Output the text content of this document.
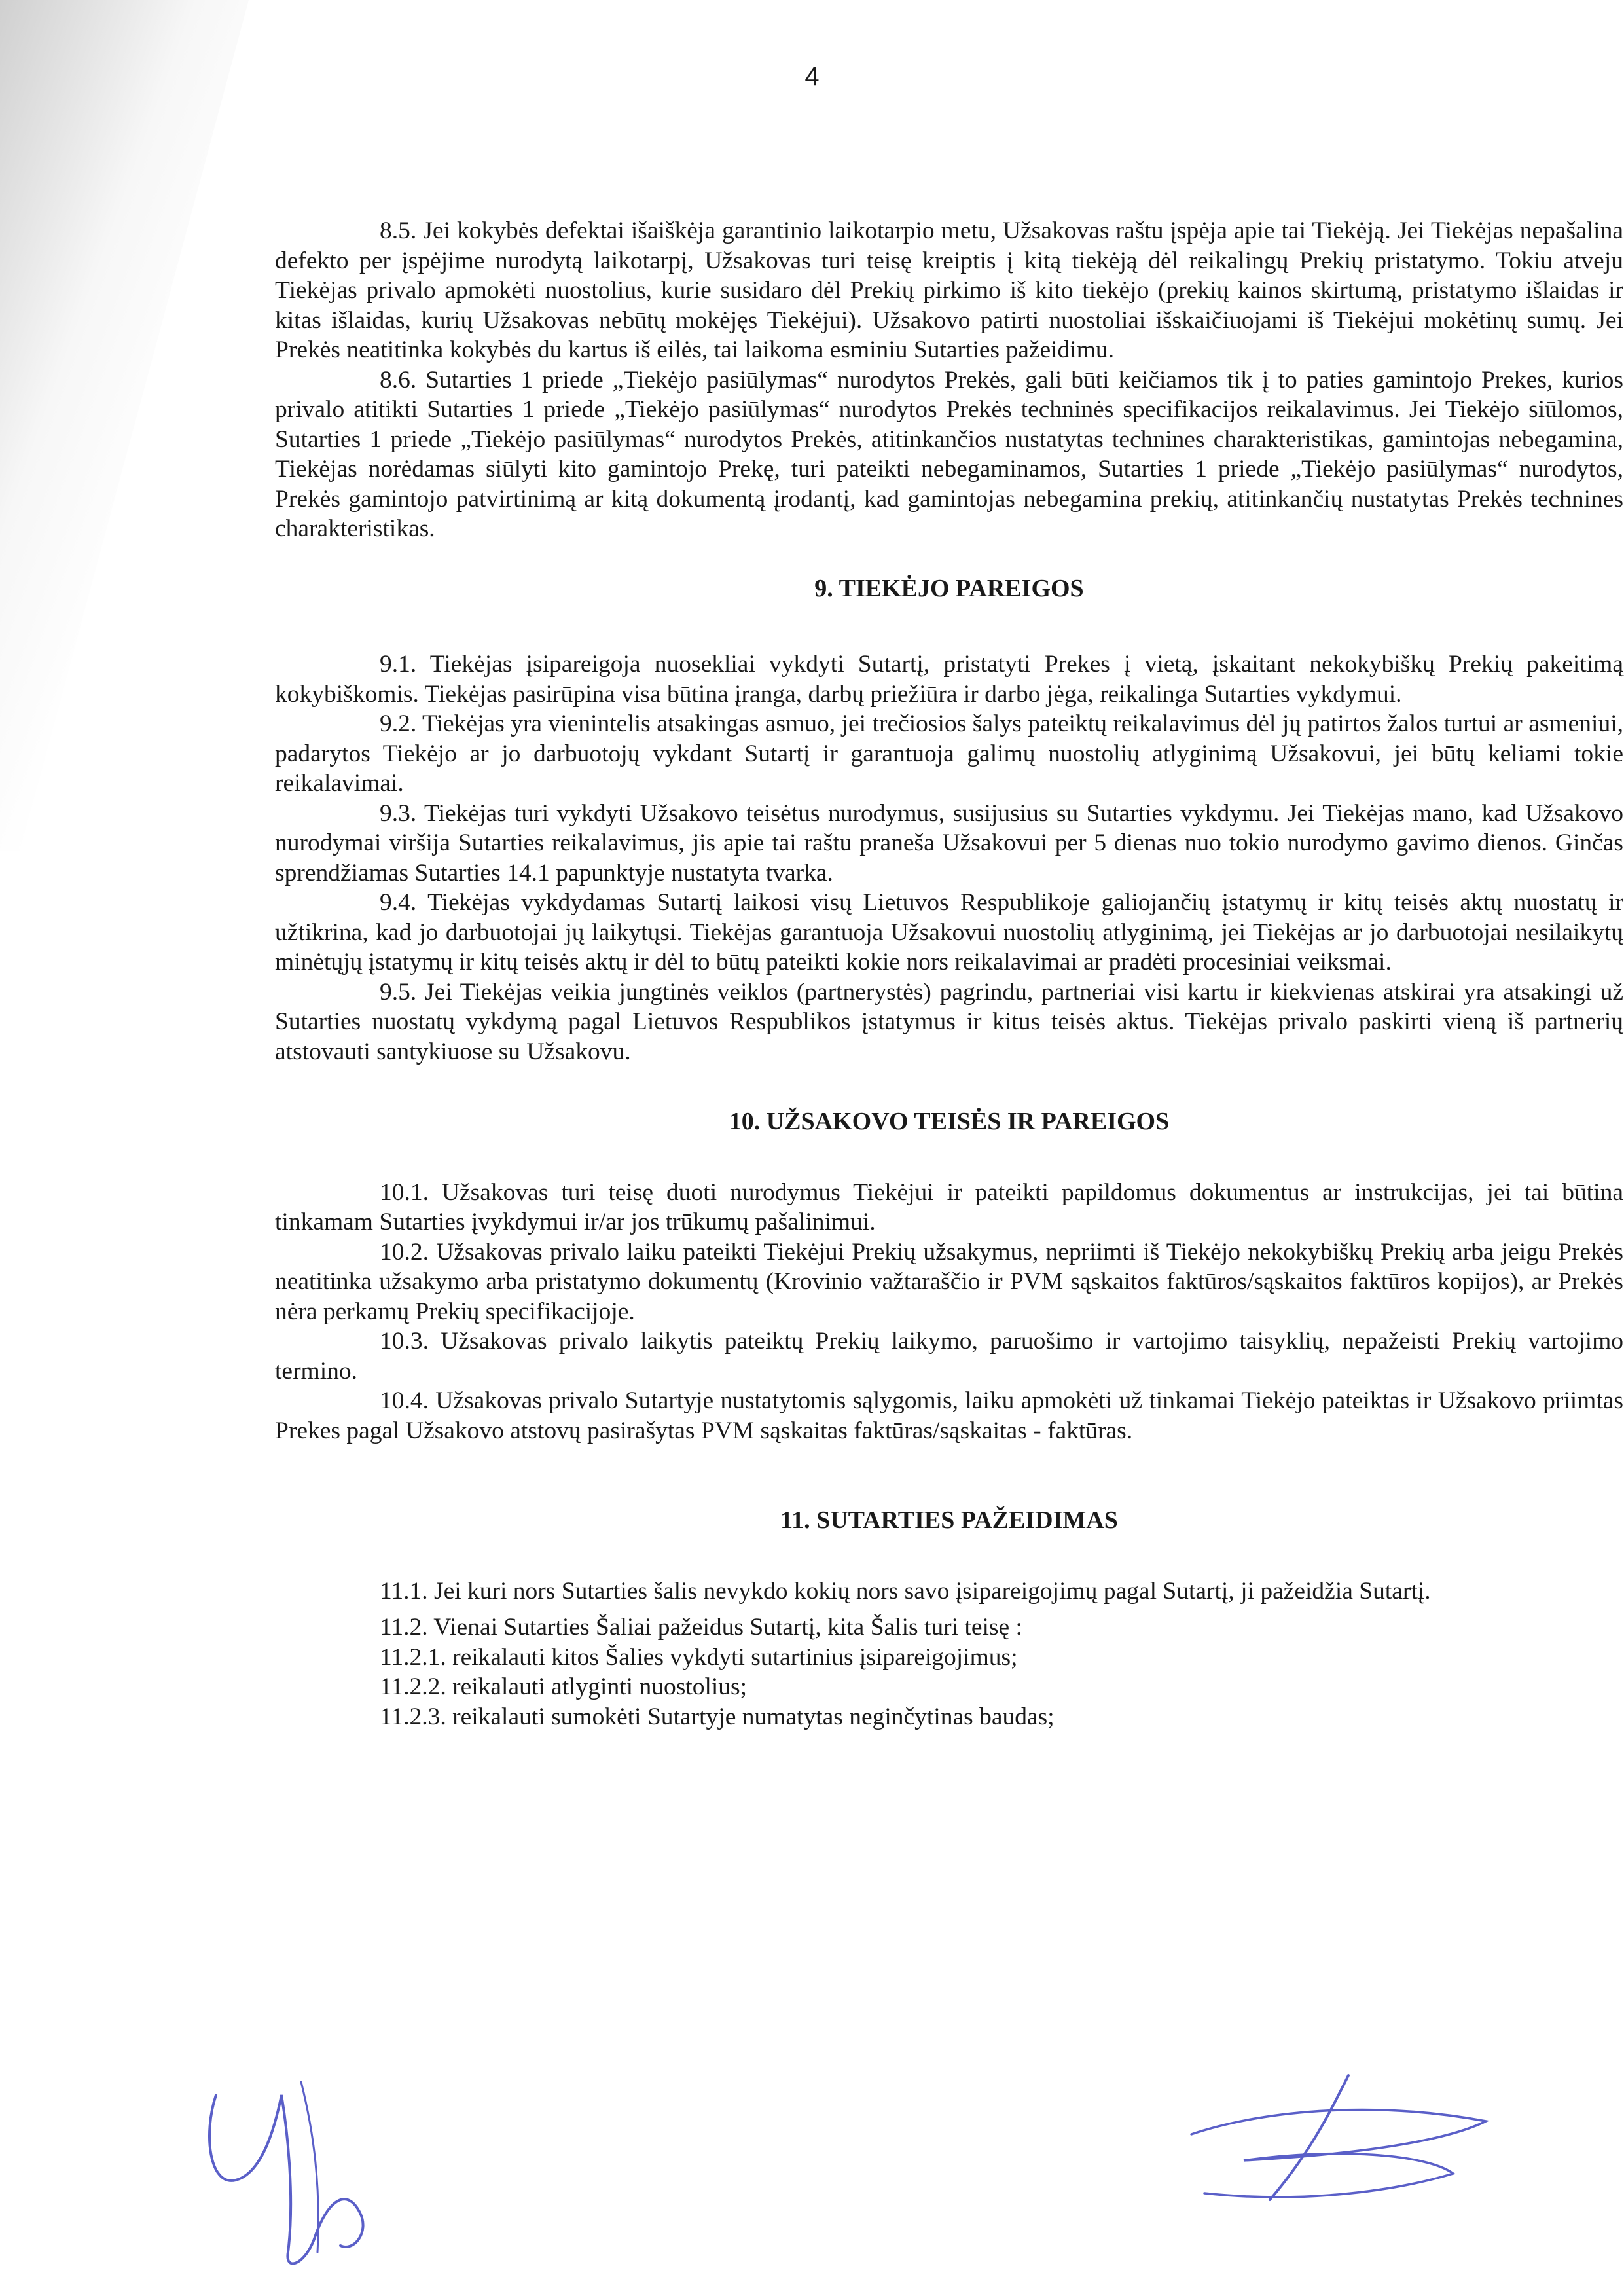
4

8.5. Jei kokybės defektai išaiškėja garantinio laikotarpio metu, Užsakovas raštu įspėja apie tai Tiekėją. Jei Tiekėjas nepašalina defekto per įspėjime nurodytą laikotarpį, Užsakovas turi teisę kreiptis į kitą tiekėją dėl reikalingų Prekių pristatymo. Tokiu atveju Tiekėjas privalo apmokėti nuostolius, kurie susidaro dėl Prekių pirkimo iš kito tiekėjo (prekių kainos skirtumą, pristatymo išlaidas ir kitas išlaidas, kurių Užsakovas nebūtų mokėjęs Tiekėjui). Užsakovo patirti nuostoliai išskaičiuojami iš Tiekėjui mokėtinų sumų. Jei Prekės neatitinka kokybės du kartus iš eilės, tai laikoma esminiu Sutarties pažeidimu.

8.6. Sutarties 1 priede „Tiekėjo pasiūlymas“ nurodytos Prekės, gali būti keičiamos tik į to paties gamintojo Prekes, kurios privalo atitikti Sutarties 1 priede „Tiekėjo pasiūlymas“ nurodytos Prekės techninės specifikacijos reikalavimus. Jei Tiekėjo siūlomos, Sutarties 1 priede „Tiekėjo pasiūlymas“ nurodytos Prekės, atitinkančios nustatytas technines charakteristikas, gamintojas nebegamina, Tiekėjas norėdamas siūlyti kito gamintojo Prekę, turi pateikti nebegaminamos, Sutarties 1 priede „Tiekėjo pasiūlymas“ nurodytos, Prekės gamintojo patvirtinimą ar kitą dokumentą įrodantį, kad gamintojas nebegamina prekių, atitinkančių nustatytas Prekės technines charakteristikas.

9. TIEKĖJO PAREIGOS

9.1. Tiekėjas įsipareigoja nuosekliai vykdyti Sutartį, pristatyti Prekes į vietą, įskaitant nekokybiškų Prekių pakeitimą kokybiškomis. Tiekėjas pasirūpina visa būtina įranga, darbų priežiūra ir darbo jėga, reikalinga Sutarties vykdymui.

9.2. Tiekėjas yra vienintelis atsakingas asmuo, jei trečiosios šalys pateiktų reikalavimus dėl jų patirtos žalos turtui ar asmeniui, padarytos Tiekėjo ar jo darbuotojų vykdant Sutartį ir garantuoja galimų nuostolių atlyginimą Užsakovui, jei būtų keliami tokie reikalavimai.

9.3. Tiekėjas turi vykdyti Užsakovo teisėtus nurodymus, susijusius su Sutarties vykdymu. Jei Tiekėjas mano, kad Užsakovo nurodymai viršija Sutarties reikalavimus, jis apie tai raštu praneša Užsakovui per 5 dienas nuo tokio nurodymo gavimo dienos. Ginčas sprendžiamas Sutarties 14.1 papunktyje nustatyta tvarka.

9.4. Tiekėjas vykdydamas Sutartį laikosi visų Lietuvos Respublikoje galiojančių įstatymų ir kitų teisės aktų nuostatų ir užtikrina, kad jo darbuotojai jų laikytųsi. Tiekėjas garantuoja Užsakovui nuostolių atlyginimą, jei Tiekėjas ar jo darbuotojai nesilaikytų minėtųjų įstatymų ir kitų teisės aktų ir dėl to būtų pateikti kokie nors reikalavimai ar pradėti procesiniai veiksmai.

9.5. Jei Tiekėjas veikia jungtinės veiklos (partnerystės) pagrindu, partneriai visi kartu ir kiekvienas atskirai yra atsakingi už Sutarties nuostatų vykdymą pagal Lietuvos Respublikos įstatymus ir kitus teisės aktus. Tiekėjas privalo paskirti vieną iš partnerių atstovauti santykiuose su Užsakovu.

10. UŽSAKOVO TEISĖS IR PAREIGOS

10.1. Užsakovas turi teisę duoti nurodymus Tiekėjui ir pateikti papildomus dokumentus ar instrukcijas, jei tai būtina tinkamam Sutarties įvykdymui ir/ar jos trūkumų pašalinimui.

10.2. Užsakovas privalo laiku pateikti Tiekėjui Prekių užsakymus, nepriimti iš Tiekėjo nekokybiškų Prekių arba jeigu Prekės neatitinka užsakymo arba pristatymo dokumentų (Krovinio važtaraščio ir PVM sąskaitos faktūros/sąskaitos faktūros kopijos), ar Prekės nėra perkamų Prekių specifikacijoje.

10.3. Užsakovas privalo laikytis pateiktų Prekių laikymo, paruošimo ir vartojimo taisyklių, nepažeisti Prekių vartojimo termino.

10.4. Užsakovas privalo Sutartyje nustatytomis sąlygomis, laiku apmokėti už tinkamai Tiekėjo pateiktas ir Užsakovo priimtas Prekes pagal Užsakovo atstovų pasirašytas PVM sąskaitas faktūras/sąskaitas - faktūras.

11. SUTARTIES PAŽEIDIMAS

11.1. Jei kuri nors Sutarties šalis nevykdo kokių nors savo įsipareigojimų pagal Sutartį, ji pažeidžia Sutartį.

11.2. Vienai Sutarties Šaliai pažeidus Sutartį, kita Šalis turi teisę :

11.2.1. reikalauti kitos Šalies vykdyti sutartinius įsipareigojimus;

11.2.2. reikalauti atlyginti nuostolius;

11.2.3. reikalauti sumokėti Sutartyje numatytas neginčytinas baudas;
